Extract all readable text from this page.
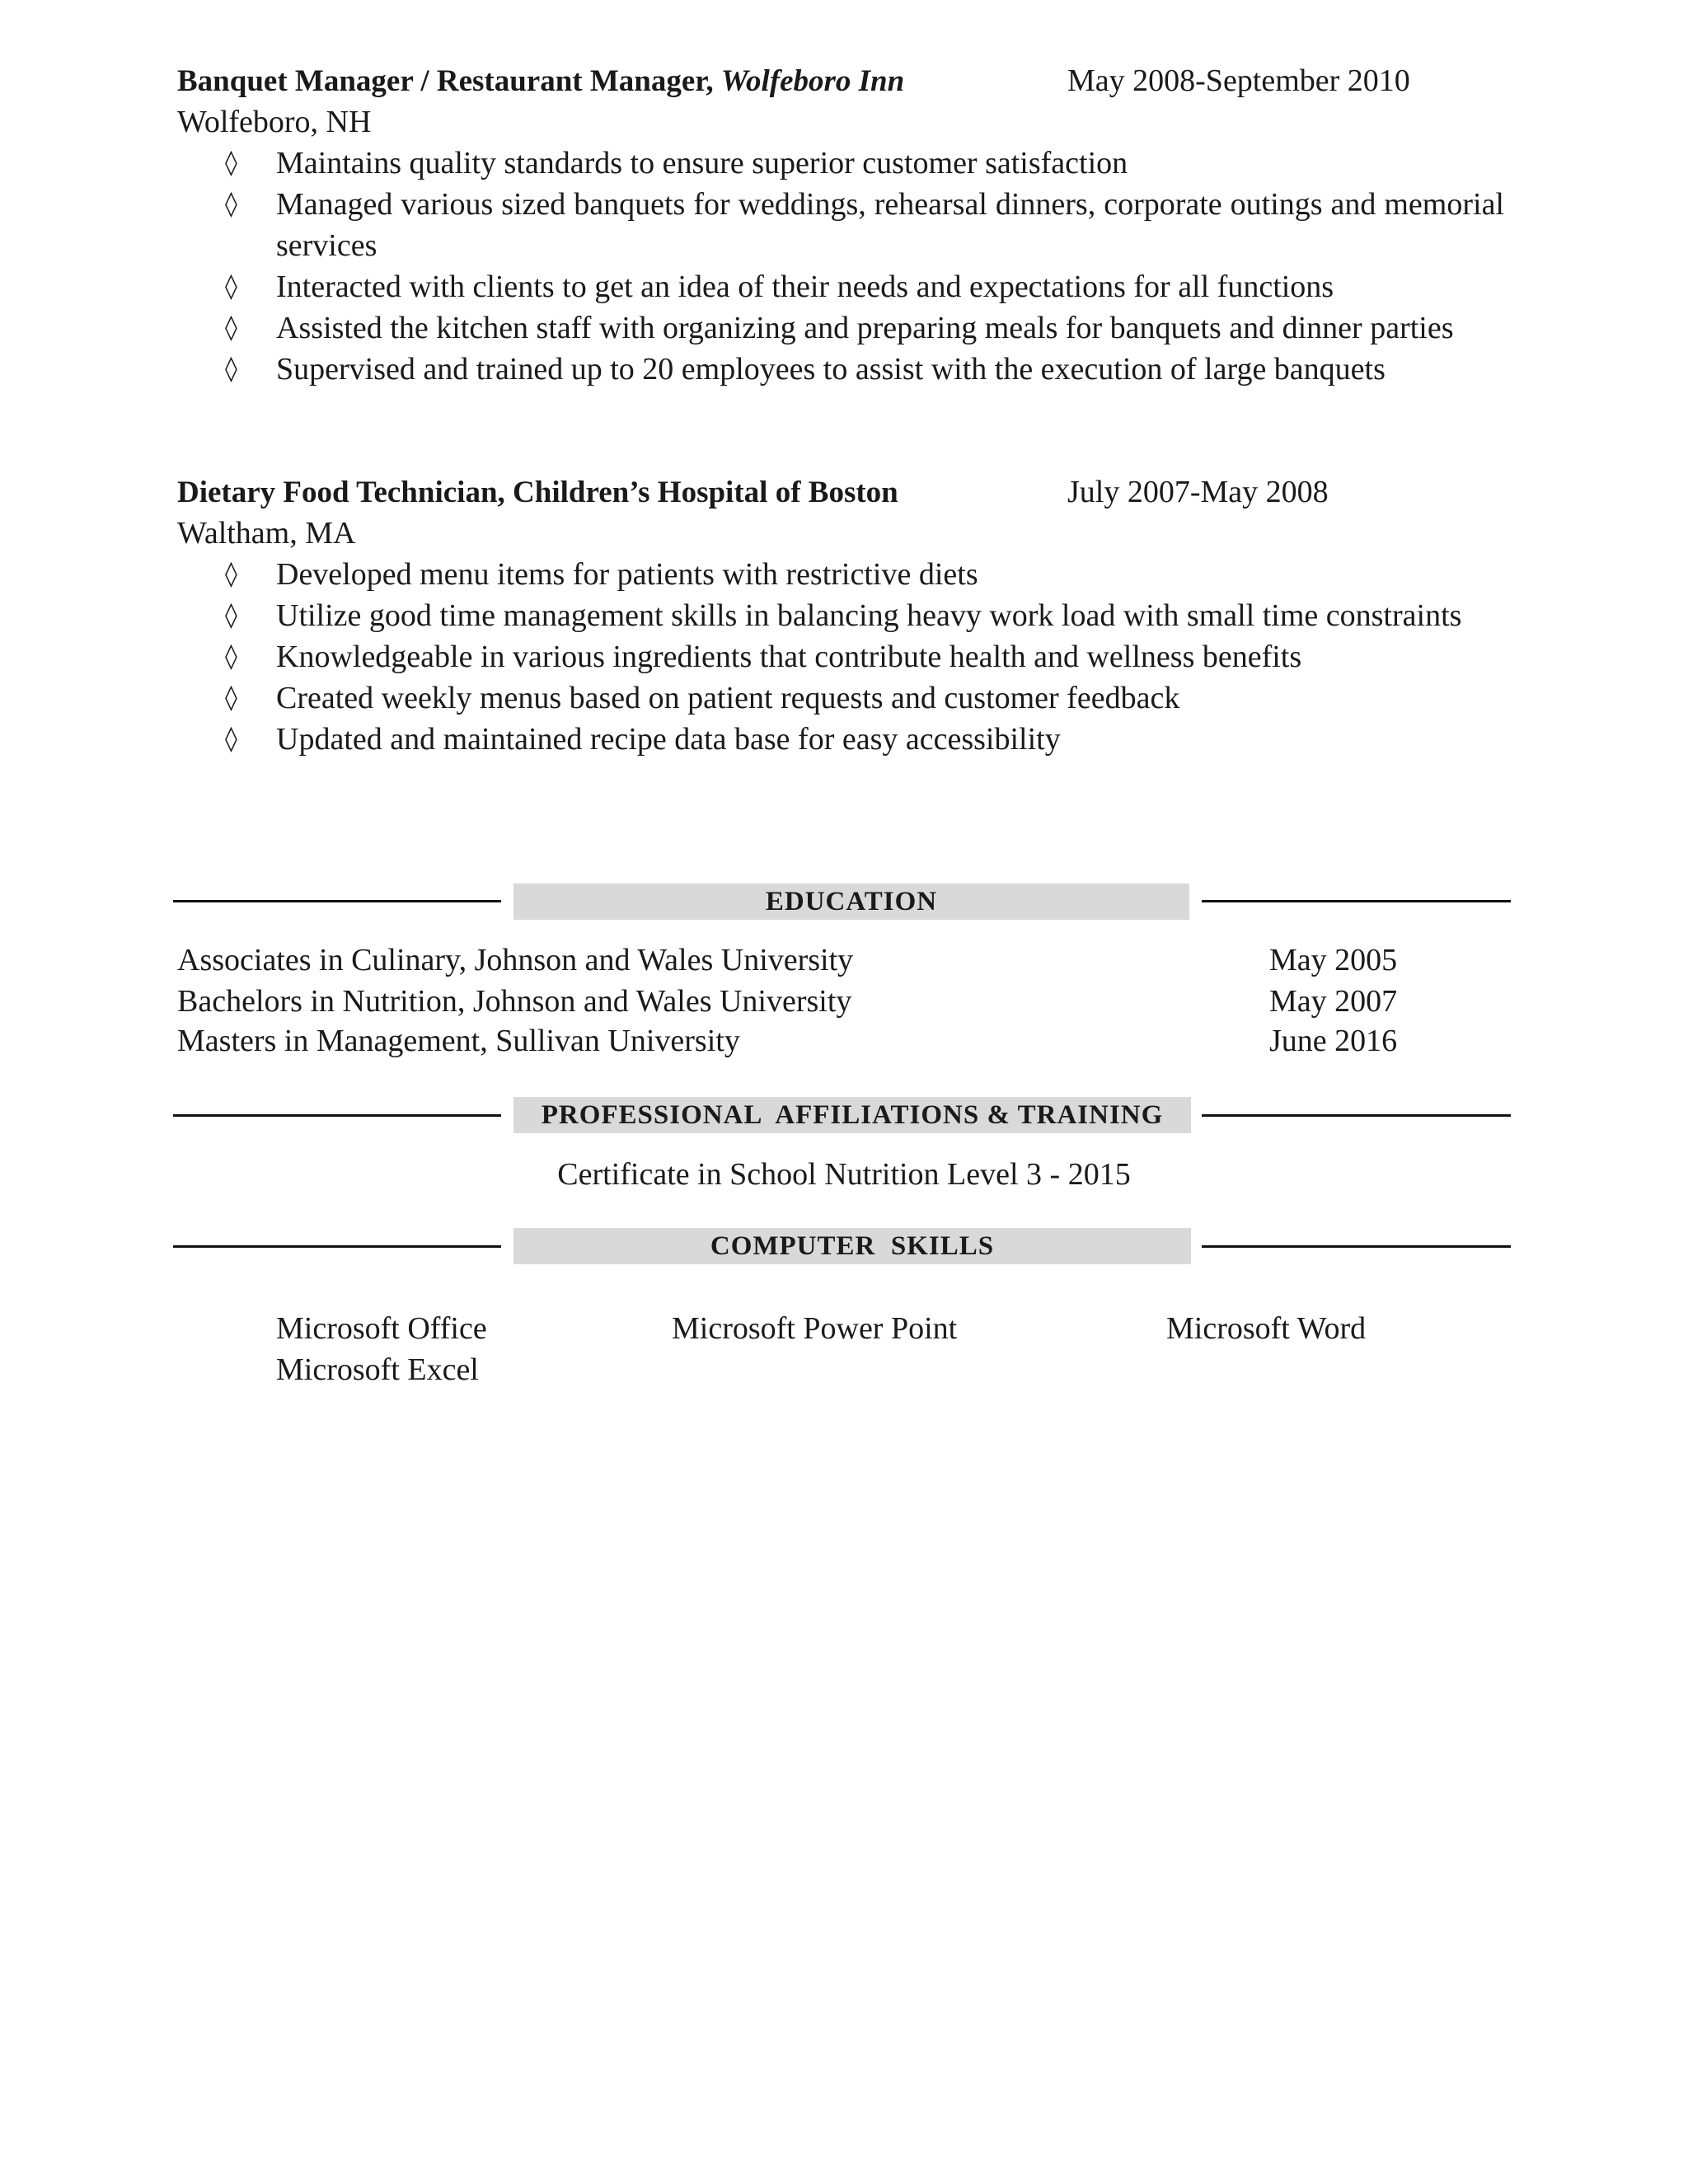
Banquet Manager / Restaurant Manager, Wolfeboro Inn	May 2008-September 2010
Wolfeboro, NH
◊ Maintains quality standards to ensure superior customer satisfaction
◊ Managed various sized banquets for weddings, rehearsal dinners, corporate outings and memorial services
◊ Interacted with clients to get an idea of their needs and expectations for all functions
◊ Assisted the kitchen staff with organizing and preparing meals for banquets and dinner parties
◊ Supervised and trained up to 20 employees to assist with the execution of large banquets
Dietary Food Technician, Children’s Hospital of Boston	July 2007-May 2008
Waltham, MA
◊ Developed menu items for patients with restrictive diets
◊ Utilize good time management skills in balancing heavy work load with small time constraints
◊ Knowledgeable in various ingredients that contribute health and wellness benefits
◊ Created weekly menus based on patient requests and customer feedback
◊ Updated and maintained recipe data base for easy accessibility
EDUCATION
Associates in Culinary, Johnson and Wales University	May 2005
Bachelors in Nutrition, Johnson and Wales University	May 2007
Masters in Management, Sullivan University	June 2016
PROFESSIONAL  AFFILIATIONS & TRAINING
Certificate in School Nutrition Level 3 - 2015
COMPUTER  SKILLS
Microsoft Office	Microsoft Power Point	Microsoft Word
Microsoft Excel
